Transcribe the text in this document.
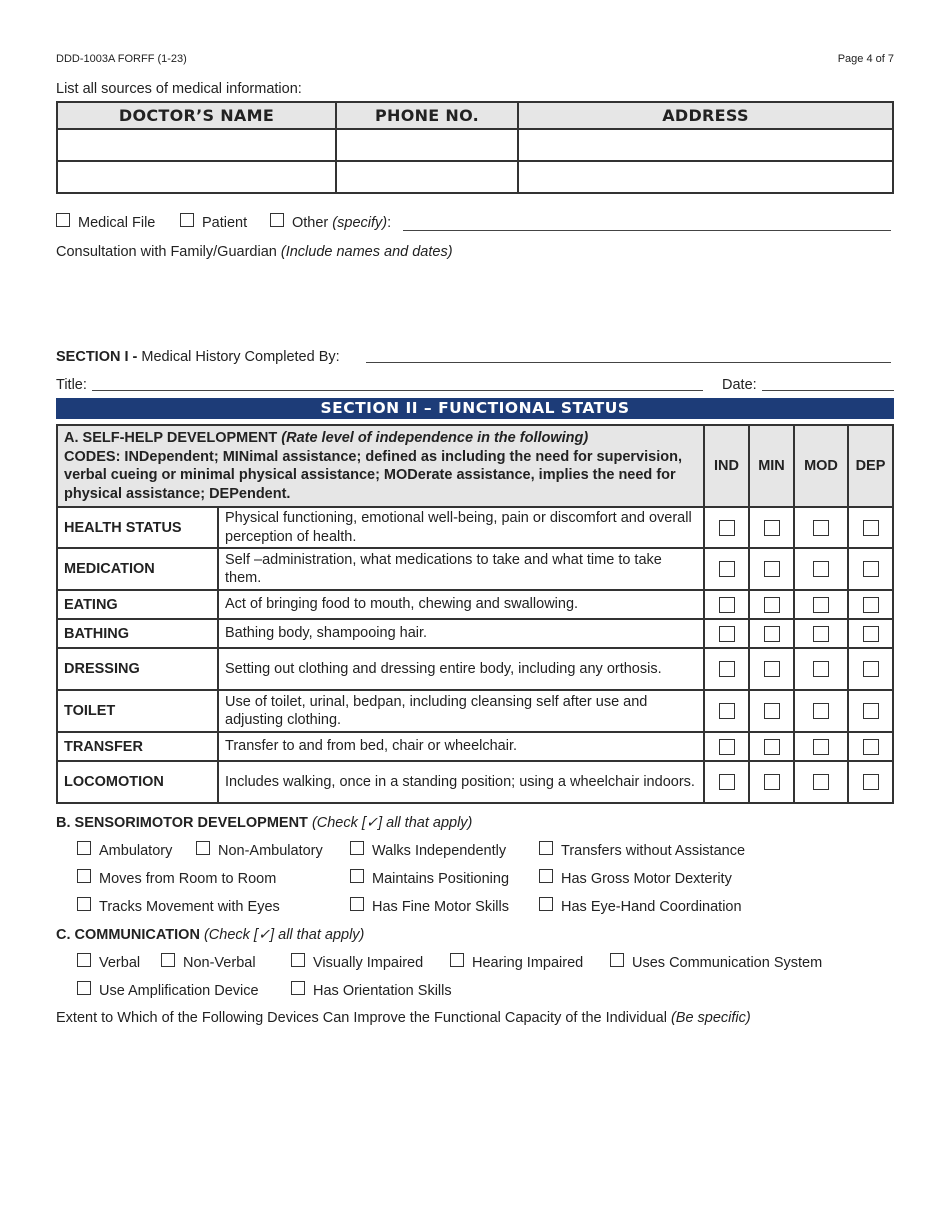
DDD-1003A FORFF (1-23)	Page 4 of 7
List all sources of medical information:
DOCTOR’S NAME	PHONE NO.	ADDRESS

Medical File	Patient	Other (specify):
Consultation with Family/Guardian (Include names and dates)
SECTION I - Medical History Completed By:
Title:	Date:
SECTION II – FUNCTIONAL STATUS
A. SELF-HELP DEVELOPMENT (Rate level of independence in the following)
CODES: INDependent; MINimal assistance; defined as including the need for supervision, verbal cueing or minimal physical assistance; MODerate assistance, implies the need for physical assistance; DEPendent.		IND	MIN	MOD	DEP
HEALTH STATUS	Physical functioning, emotional well-being, pain or discomfort and overall perception of health.				
MEDICATION	Self –administration, what medications to take and what time to take them.				
EATING	Act of bringing food to mouth, chewing and swallowing.				
BATHING	Bathing body, shampooing hair.				
DRESSING	Setting out clothing and dressing entire body, including any orthosis.				
TOILET	Use of toilet, urinal, bedpan, including cleansing self after use and adjusting clothing.				
TRANSFER	Transfer to and from bed, chair or wheelchair.				
LOCOMOTION	Includes walking, once in a standing position; using a wheelchair indoors.				
B. SENSORIMOTOR DEVELOPMENT (Check [✓] all that apply)
Ambulatory	Non-Ambulatory	Walks Independently	Transfers without Assistance
Moves from Room to Room	Maintains Positioning	Has Gross Motor Dexterity
Tracks Movement with Eyes	Has Fine Motor Skills	Has Eye-Hand Coordination
C. COMMUNICATION (Check [✓] all that apply)
Verbal	Non-Verbal	Visually Impaired	Hearing Impaired	Uses Communication System
Use Amplification Device	Has Orientation Skills
Extent to Which of the Following Devices Can Improve the Functional Capacity of the Individual (Be specific)
